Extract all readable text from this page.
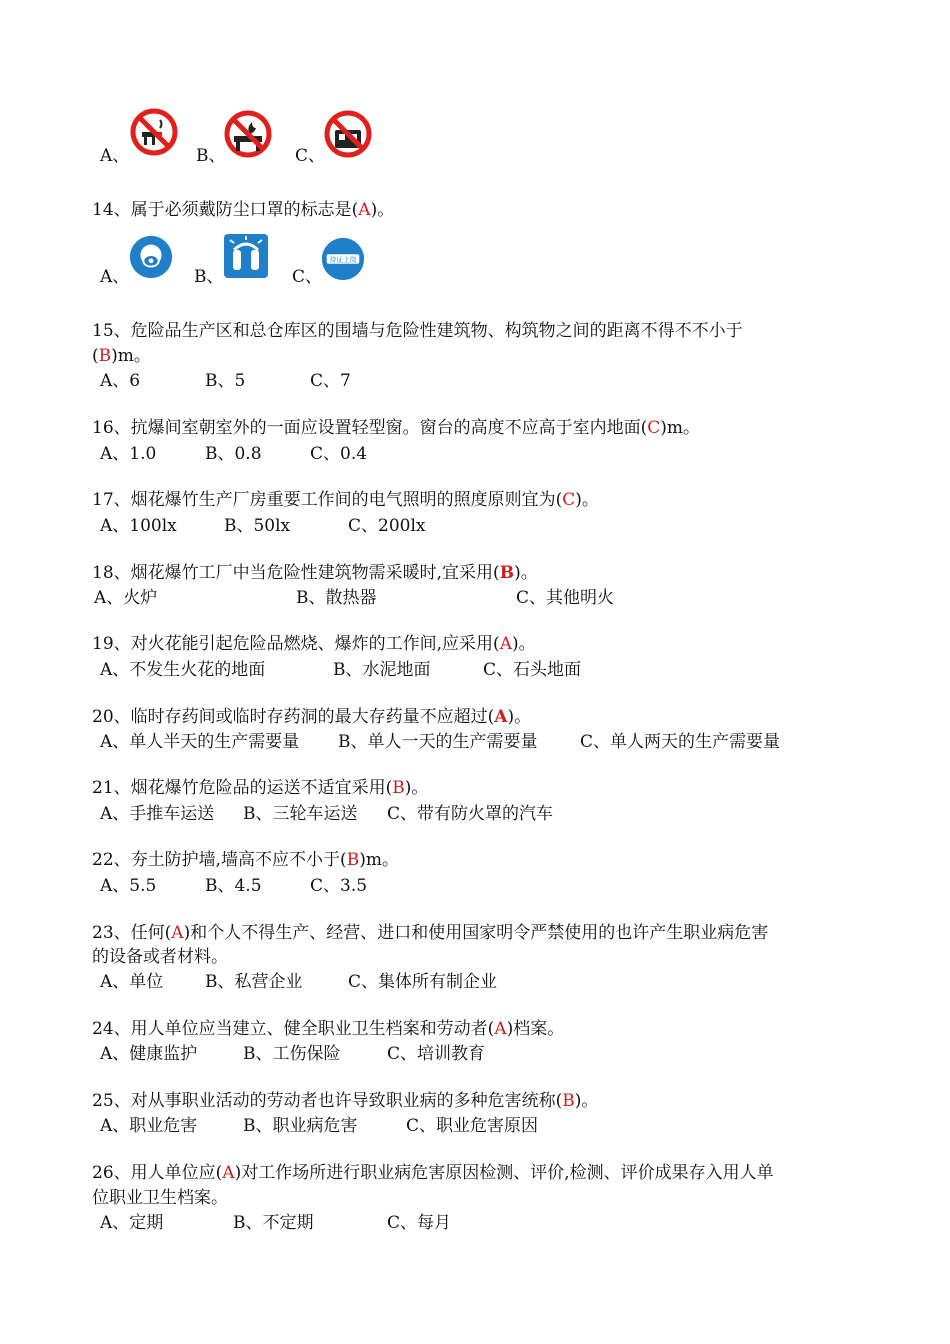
A、	B、	C、
14、属于必须戴防尘口罩的标志是(A)。
A、	B、	C、
持证上岗
15、危险品生产区和总仓库区的围墙与危险性建筑物、构筑物之间的距离不得不不小于
(B)m。
A、6	B、5	C、7
16、抗爆间室朝室外的一面应设置轻型窗。窗台的高度不应高于室内地面(C)m。
A、1.0	B、0.8	C、0.4
17、烟花爆竹生产厂房重要工作间的电气照明的照度原则宜为(C)。
A、100lx	B、50lx	C、200lx
18、烟花爆竹工厂中当危险性建筑物需采暖时,宜采用(B)。
A、火炉	B、散热器	C、其他明火
19、对火花能引起危险品燃烧、爆炸的工作间,应采用(A)。
A、不发生火花的地面	B、水泥地面	C、石头地面
20、临时存药间或临时存药洞的最大存药量不应超过(A)。
A、单人半天的生产需要量 B、单人一天的生产需要量	C、单人两天的生产需要量
21、烟花爆竹危险品的运送不适宜采用(B)。
A、手推车运送 B、三轮车运送 C、带有防火罩的汽车
22、夯土防护墙,墙高不应不小于(B)m。
A、5.5	B、4.5	C、3.5
23、任何(A)和个人不得生产、经营、进口和使用国家明令严禁使用的也许产生职业病危害
的设备或者材料。
A、单位 B、私营企业	C、集体所有制企业
24、用人单位应当建立、健全职业卫生档案和劳动者(A)档案。
A、健康监护	B、工伤保险	C、培训教育
25、对从事职业活动的劳动者也许导致职业病的多种危害统称(B)。
A、职业危害	B、职业病危害	C、职业危害原因
26、用人单位应(A)对工作场所进行职业病危害原因检测、评价,检测、评价成果存入用人单
位职业卫生档案。
A、定期	B、不定期	C、每月
